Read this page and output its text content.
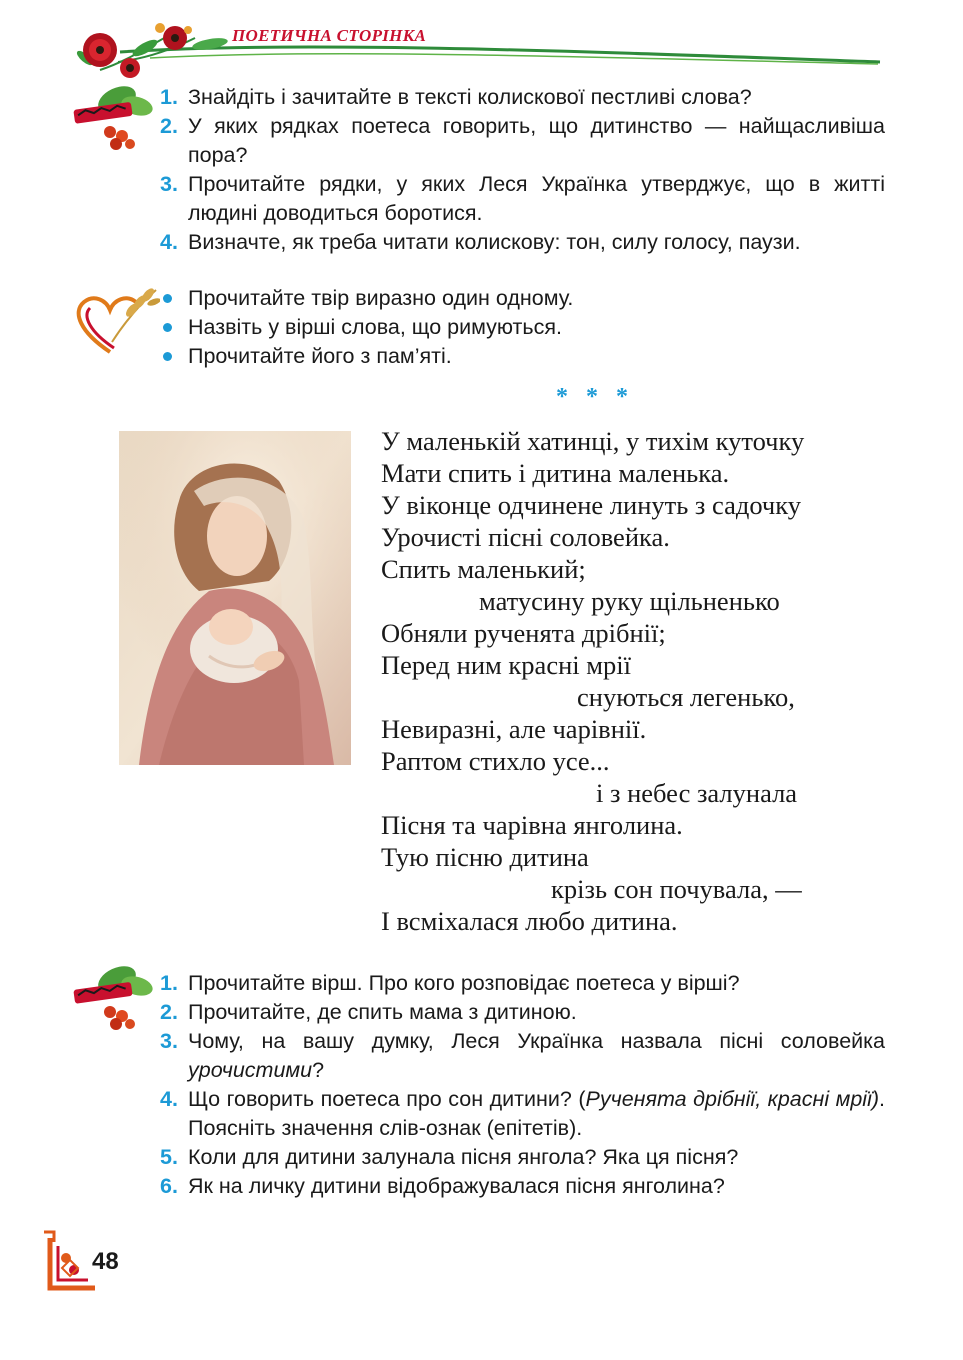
ПОЕТИЧНА СТОРІНКА
1. Знайдіть і зачитайте в тексті колискової пестливі слова?
2. У яких рядках поетеса говорить, що дитинство — найщасливіша пора?
3. Прочитайте рядки, у яких Леся Українка утверджує, що в житті людині доводиться боротися.
4. Визначте, як треба читати колискову: тон, силу голосу, паузи.
Прочитайте твір виразно один одному.
Назвіть у вірші слова, що римуються.
Прочитайте його з пам’яті.
* * *
У маленькій хатинці, у тихім куточку
Мати спить і дитина маленька.
У віконце одчинене линуть з садочку
Урочисті пісні соловейка.
Спить маленький;
матусину руку щільненько
Обняли рученята дрібнії;
Перед ним красні мрії
снуються легенько,
Невиразні, але чарівнії.
Раптом стихло усе...
і з небес залунала
Пісня та чарівна янголина.
Тую пісню дитина
крізь сон почувала, —
І всміхалася любо дитина.
1. Прочитайте вірш. Про кого розповідає поетеса у вірші?
2. Прочитайте, де спить мама з дитиною.
3. Чому, на вашу думку, Леся Українка назвала пісні соловейка урочистими?
4. Що говорить поетеса про сон дитини? (Рученята дрібнії, красні мрії). Поясніть значення слів-ознак (епітетів).
5. Коли для дитини залунала пісня янгола? Яка ця пісня?
6. Як на личку дитини відображувалася пісня янголина?
48
